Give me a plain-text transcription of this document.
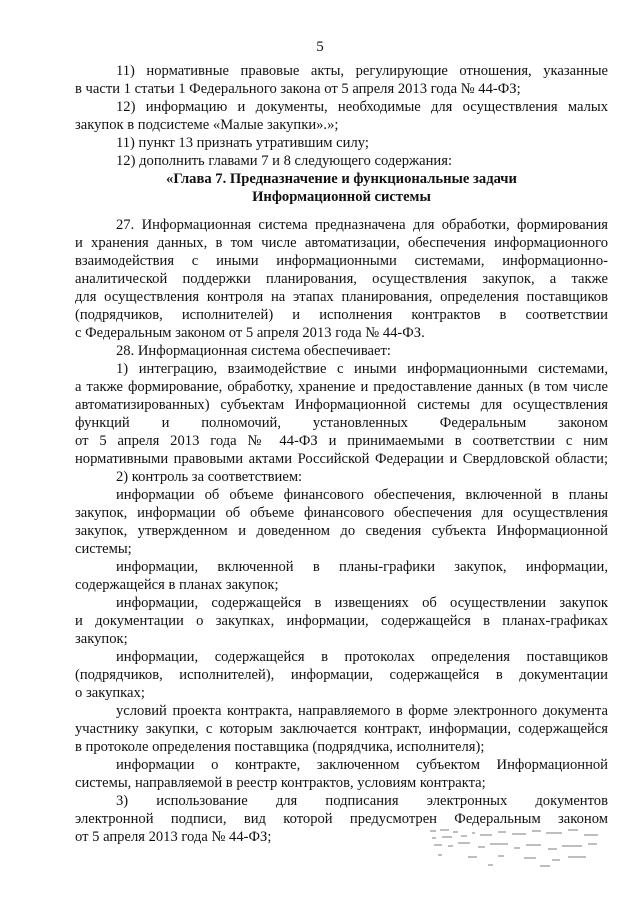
5
11) нормативные правовые акты, регулирующие отношения, указанные
в части 1 статьи 1 Федерального закона от 5 апреля 2013 года № 44-ФЗ;
12) информацию и документы, необходимые для осуществления малых
закупок в подсистеме «Малые закупки».»;
11) пункт 13 признать утратившим силу;
12) дополнить главами 7 и 8 следующего содержания:
«Глава 7. Предназначение и функциональные задачи
Информационной системы
27. Информационная система предназначена для обработки, формирования
и хранения данных, в том числе автоматизации, обеспечения информационного
взаимодействия с иными информационными системами, информационно-
аналитической поддержки планирования, осуществления закупок, а также
для осуществления контроля на этапах планирования, определения поставщиков
(подрядчиков, исполнителей) и исполнения контрактов в соответствии
с Федеральным законом от 5 апреля 2013 года № 44-ФЗ.
28. Информационная система обеспечивает:
1) интеграцию, взаимодействие с иными информационными системами,
а также формирование, обработку, хранение и предоставление данных (в том числе
автоматизированных) субъектам Информационной системы для осуществления
функций и полномочий, установленных Федеральным законом
от 5 апреля 2013 года № 44-ФЗ и принимаемыми в соответствии с ним
нормативными правовыми актами Российской Федерации и Свердловской области;
2) контроль за соответствием:
информации об объеме финансового обеспечения, включенной в планы
закупок, информации об объеме финансового обеспечения для осуществления
закупок, утвержденном и доведенном до сведения субъекта Информационной
системы;
информации, включенной в планы-графики закупок, информации,
содержащейся в планах закупок;
информации, содержащейся в извещениях об осуществлении закупок
и документации о закупках, информации, содержащейся в планах-графиках
закупок;
информации, содержащейся в протоколах определения поставщиков
(подрядчиков, исполнителей), информации, содержащейся в документации
о закупках;
условий проекта контракта, направляемого в форме электронного документа
участнику закупки, с которым заключается контракт, информации, содержащейся
в протоколе определения поставщика (подрядчика, исполнителя);
информации о контракте, заключенном субъектом Информационной
системы, направляемой в реестр контрактов, условиям контракта;
3) использование для подписания электронных документов
электронной подписи, вид которой предусмотрен Федеральным законом
от 5 апреля 2013 года № 44-ФЗ;
